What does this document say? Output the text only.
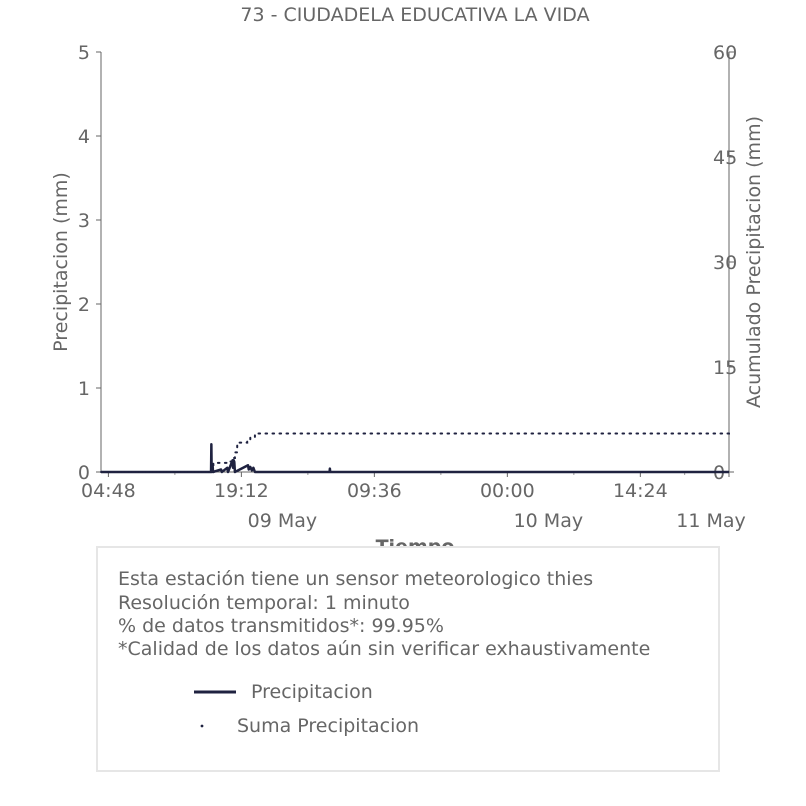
73 - CIUDADELA EDUCATIVA LA VIDA
0
1
2
3
4
5
0
15
30
45
60
04:48	19:12
09 May
09:36	00:00
10 May
14:24
11 May
Precipitacion (mm)	Acumulado Precipitacion (mm)
Esta estación tiene un sensor meteorologico thies
Resolución temporal: 1 minuto
% de datos transmitidos*: 99.95%
*Calidad de los datos aún sin verificar exhaustivamente
Precipitacion
Suma Precipitacion
